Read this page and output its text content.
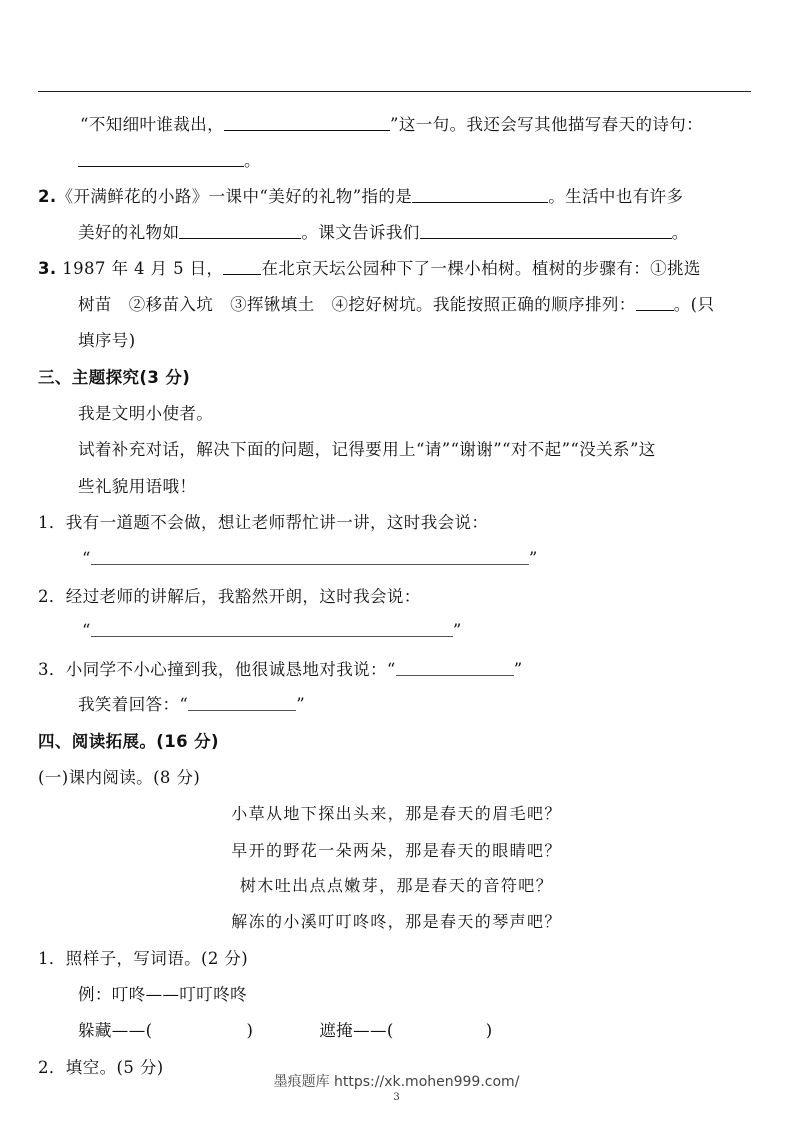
“不知细叶谁裁出，	”这一句。我还会写其他描写春天的诗句：
。
2.《开满鲜花的小路》一课中“美好的礼物”指的是	。生活中也有许多
美好的礼物如	。课文告诉我们	。
3. 1987 年 4 月 5 日， 在北京天坛公园种下了一棵小柏树。植树的步骤有：①挑选
树苗　②移苗入坑　③挥锹填土　④挖好树坑。我能按照正确的顺序排列： 。(只
填序号)
三、主题探究(3 分)
我是文明小使者。
试着补充对话，解决下面的问题，记得要用上“请”“谢谢”“对不起”“没关系”这
些礼貌用语哦！
1．我有一道题不会做，想让老师帮忙讲一讲，这时我会说：
“	”
2．经过老师的讲解后，我豁然开朗，这时我会说：
“	”
3．小同学不小心撞到我，他很诚恳地对我说：“	”
我笑着回答：“	”
四、阅读拓展。(16 分)
(一)课内阅读。(8 分)
小草从地下探出头来，那是春天的眉毛吧？
早开的野花一朵两朵，那是春天的眼睛吧？
树木吐出点点嫩芽，那是春天的音符吧？
解冻的小溪叮叮咚咚，那是春天的琴声吧？
1．照样子，写词语。(2 分)
例：叮咚——叮叮咚咚
躲藏——(	)	遮掩——(	)
2．填空。(5 分)
墨痕题库 https://xk.mohen999.com/
3
